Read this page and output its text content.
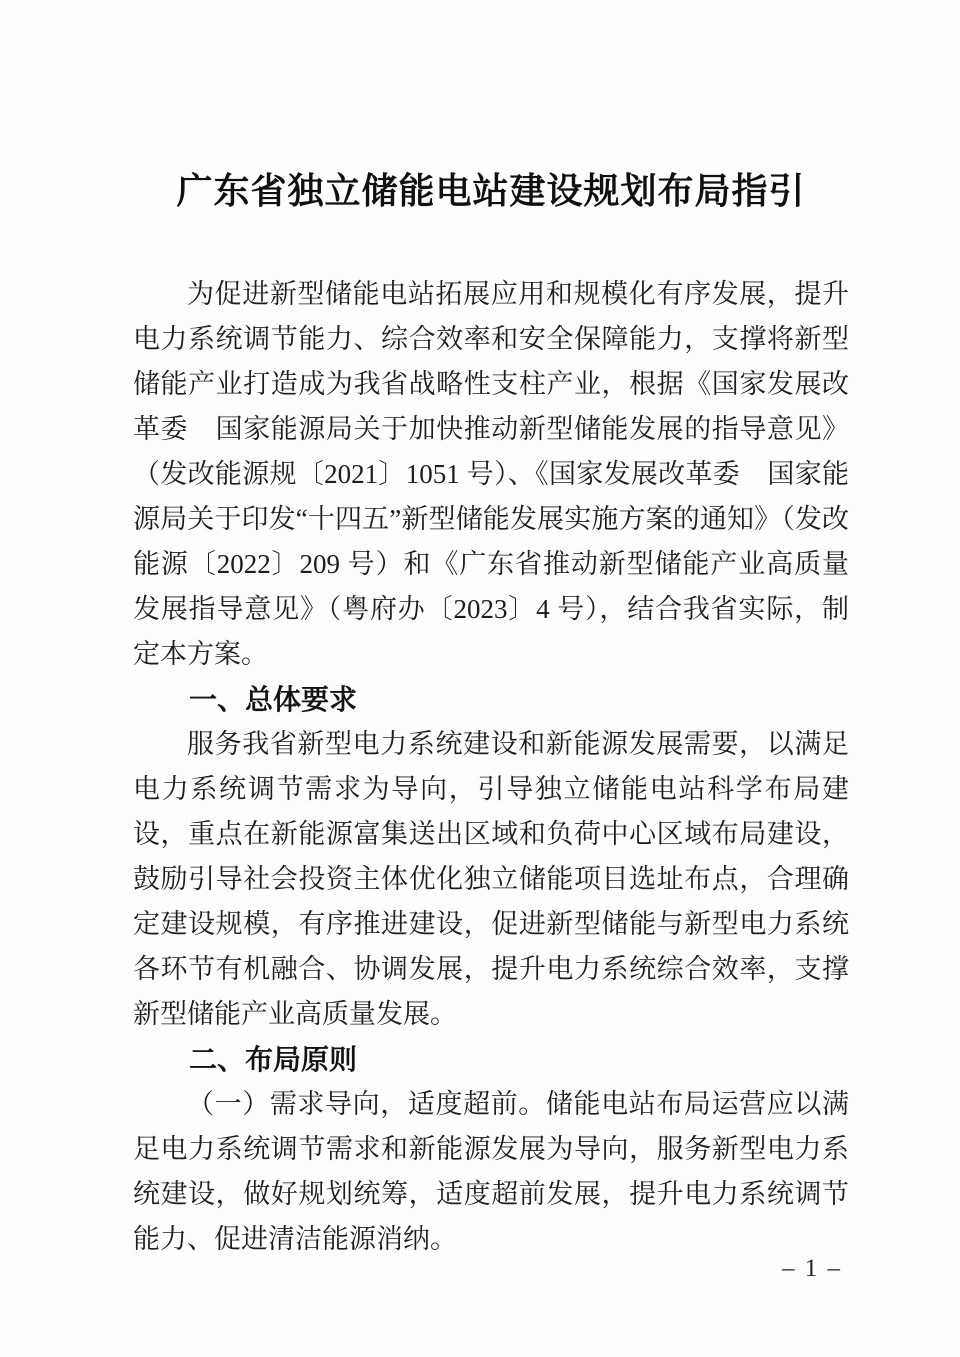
广东省独立储能电站建设规划布局指引

为促进新型储能电站拓展应用和规模化有序发展，提升电力系统调节能力、综合效率和安全保障能力，支撑将新型储能产业打造成为我省战略性支柱产业，根据《国家发展改革委　国家能源局关于加快推动新型储能发展的指导意见》（发改能源规〔2021〕1051 号）、《国家发展改革委　国家能源局关于印发“十四五”新型储能发展实施方案的通知》（发改能源〔2022〕209 号）和《广东省推动新型储能产业高质量发展指导意见》（粤府办〔2023〕4 号），结合我省实际，制定本方案。

一、总体要求

服务我省新型电力系统建设和新能源发展需要，以满足电力系统调节需求为导向，引导独立储能电站科学布局建设，重点在新能源富集送出区域和负荷中心区域布局建设，鼓励引导社会投资主体优化独立储能项目选址布点，合理确定建设规模，有序推进建设，促进新型储能与新型电力系统各环节有机融合、协调发展，提升电力系统综合效率，支撑新型储能产业高质量发展。

二、布局原则

（一）需求导向，适度超前。储能电站布局运营应以满足电力系统调节需求和新能源发展为导向，服务新型电力系统建设，做好规划统筹，适度超前发展，提升电力系统调节能力、促进清洁能源消纳。

– 1 –
